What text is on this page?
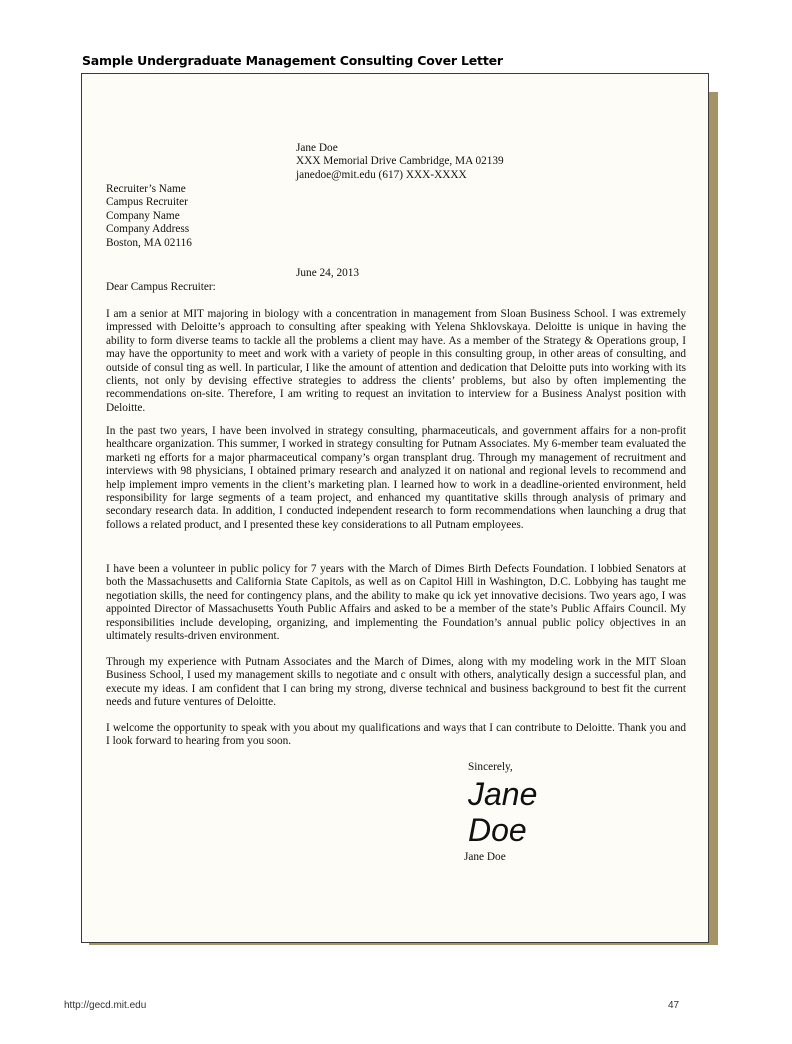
Sample Undergraduate Management Consulting Cover Letter
Jane Doe
XXX Memorial Drive Cambridge, MA 02139
janedoe@mit.edu (617) XXX-XXXX
Recruiter’s Name
Campus Recruiter
Company Name
Company Address
Boston, MA 02116
June 24, 2013
Dear Campus Recruiter:
I am a senior at MIT majoring in biology with a concentration in management from Sloan Business School. I was extremely impressed with Deloitte’s approach to consulting after speaking with Yelena Shklovskaya. Deloitte is unique in having the ability to form diverse teams to tackle all the problems a client may have. As a member of the Strategy & Operations group, I may have the opportunity to meet and work with a variety of people in this consulting group, in other areas of consulting, and outside of consul ting as well. In particular, I like the amount of attention and dedication that Deloitte puts into working with its clients, not only by devising effective strategies to address the clients’ problems, but also by often implementing the recommendations on-site. Therefore, I am writing to request an invitation to interview for a Business Analyst position with Deloitte.
In the past two years, I have been involved in strategy consulting, pharmaceuticals, and government affairs for a non-profit healthcare organization. This summer, I worked in strategy consulting for Putnam Associates. My 6-member team evaluated the marketi ng efforts for a major pharmaceutical company’s organ transplant drug. Through my management of recruitment and interviews with 98 physicians, I obtained primary research and analyzed it on national and regional levels to recommend and help implement impro vements in the client’s marketing plan. I learned how to work in a deadline-oriented environment, held responsibility for large segments of a team project, and enhanced my quantitative skills through analysis of primary and secondary research data. In addition, I conducted independent research to form recommendations when launching a drug that follows a related product, and I presented these key considerations to all Putnam employees.
I have been a volunteer in public policy for 7 years with the March of Dimes Birth Defects Foundation. I lobbied Senators at both the Massachusetts and California State Capitols, as well as on Capitol Hill in Washington, D.C. Lobbying has taught me negotiation skills, the need for contingency plans, and the ability to make qu ick yet innovative decisions. Two years ago, I was appointed Director of Massachusetts Youth Public Affairs and asked to be a member of the state’s Public Affairs Council. My responsibilities include developing, organizing, and implementing the Foundation’s annual public policy objectives in an ultimately results-driven environment.
Through my experience with Putnam Associates and the March of Dimes, along with my modeling work in the MIT Sloan Business School, I used my management skills to negotiate and c onsult with others, analytically design a successful plan, and execute my ideas. I am confident that I can bring my strong, diverse technical and business background to best fit the current needs and future ventures of Deloitte.
I welcome the opportunity to speak with you about my qualifications and ways that I can contribute to Deloitte. Thank you and I look forward to hearing from you soon.
Sincerely,
Jane
Doe
Jane Doe
http://gecd.mit.edu	47
